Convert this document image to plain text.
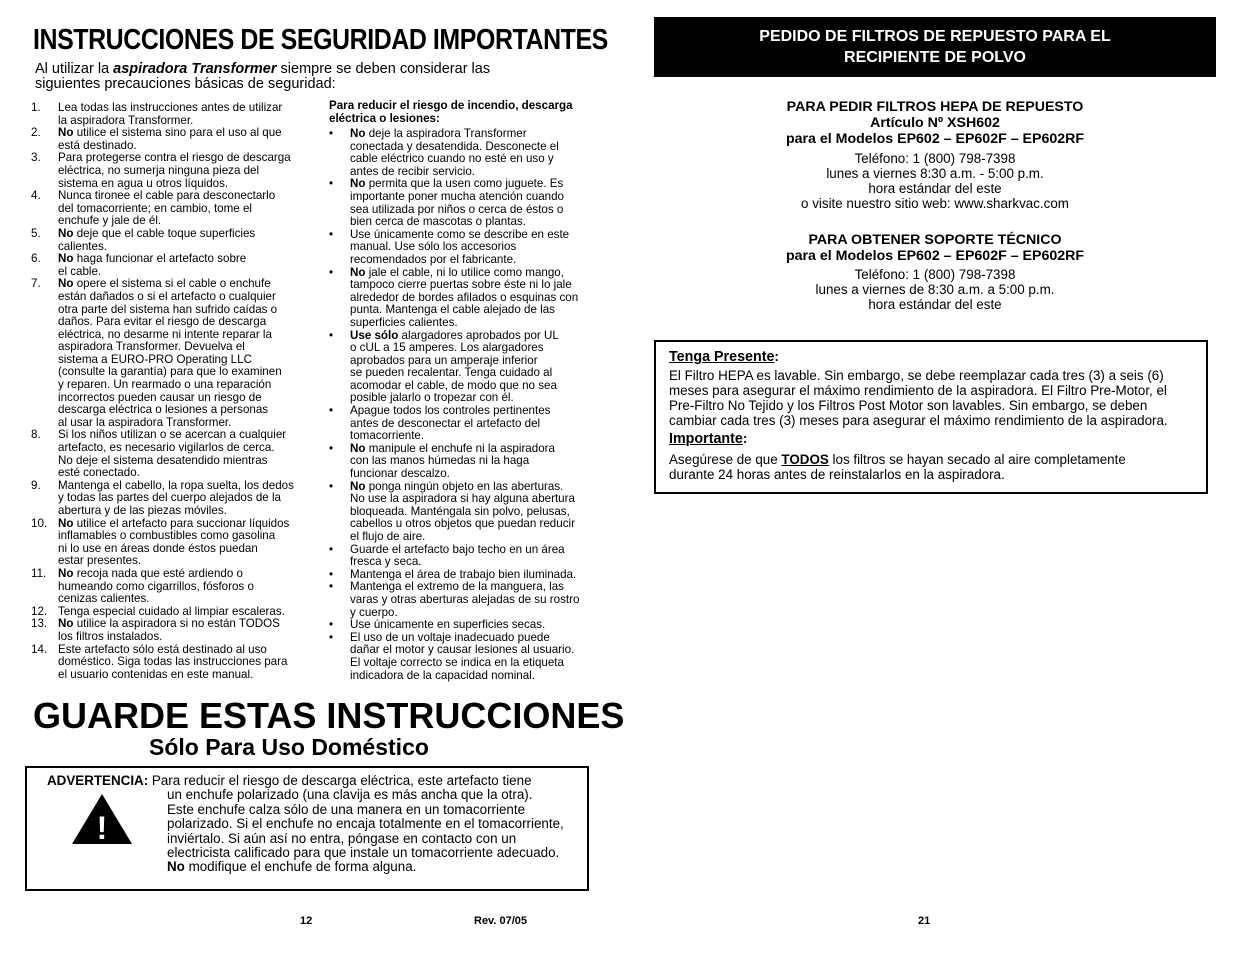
INSTRUCCIONES DE SEGURIDAD IMPORTANTES
Al utilizar la aspiradora Transformer siempre se deben considerar las siguientes precauciones básicas de seguridad:
1.	Lea todas las instrucciones antes de utilizar
la aspiradora Transformer.
2.	No utilice el sistema sino para el uso al que
está destinado.
3.	Para protegerse contra el riesgo de descarga
eléctrica, no sumerja ninguna pieza del
sistema en agua u otros líquidos.
4.	Nunca tironee el cable para desconectarlo
del tomacorriente; en cambio, tome el
enchufe y jale de él.
5.	No deje que el cable toque superficies
calientes.
6.	No haga funcionar el artefacto sobre
el cable.
7.	No opere el sistema si el cable o enchufe
están dañados o si el artefacto o cualquier
otra parte del sistema han sufrido caídas o
daños. Para evitar el riesgo de descarga
eléctrica, no desarme ni intente reparar la
aspiradora Transformer. Devuelva el
sistema a EURO-PRO Operating LLC
(consulte la garantía) para que lo examinen
y reparen. Un rearmado o una reparación
incorrectos pueden causar un riesgo de
descarga eléctrica o lesiones a personas
al usar la aspiradora Transformer.
8.	Si los niños utilizan o se acercan a cualquier
artefacto, es necesario vigilarlos de cerca.
No deje el sistema desatendido mientras
esté conectado.
9.	Mantenga el cabello, la ropa suelta, los dedos
y todas las partes del cuerpo alejados de la
abertura y de las piezas móviles.
10. No utilice el artefacto para succionar líquidos
inflamables o combustibles como gasolina
ni lo use en áreas donde éstos puedan
estar presentes.
11.	No recoja nada que esté ardiendo o
humeando como cigarrillos, fósforos o
cenizas calientes.
12. Tenga especial cuidado al limpiar escaleras.
13. No utilice la aspiradora si no están TODOS
los filtros instalados.
14. Este artefacto sólo está destinado al uso
doméstico. Siga todas las instrucciones para
el usuario contenidas en este manual.
Para reducir el riesgo de incendio, descarga eléctrica o lesiones:
•	No deje la aspiradora Transformer
conectada y desatendida. Desconecte el
cable eléctrico cuando no esté en uso y
antes de recibir servicio.
•	No permita que la usen como juguete. Es
importante poner mucha atención cuando
sea utilizada por niños o cerca de éstos o
bien cerca de mascotas o plantas.
•	Use únicamente como se describe en este
manual. Use sólo los accesorios
recomendados por el fabricante.
•	No jale el cable, ni lo utilice como mango,
tampoco cierre puertas sobre éste ni lo jale
alrededor de bordes afilados o esquinas con
punta. Mantenga el cable alejado de las
superficies calientes.
•	Use sólo alargadores aprobados por UL
o cUL a 15 amperes. Los alargadores
aprobados para un amperaje inferior
se pueden recalentar. Tenga cuidado al
acomodar el cable, de modo que no sea
posible jalarlo o tropezar con él.
•	Apague todos los controles pertinentes
antes de desconectar el artefacto del
tomacorriente.
•	No manipule el enchufe ni la aspiradora
con las manos húmedas ni la haga
funcionar descalzo.
•	No ponga ningún objeto en las aberturas.
No use la aspiradora si hay alguna abertura
bloqueada. Manténgala sin polvo, pelusas,
cabellos u otros objetos que puedan reducir
el flujo de aire.
•	Guarde el artefacto bajo techo en un área
fresca y seca.
•	Mantenga el área de trabajo bien iluminada.
•	Mantenga el extremo de la manguera, las
varas y otras aberturas alejadas de su rostro
y cuerpo.
•	Use únicamente en superficies secas.
•	El uso de un voltaje inadecuado puede
dañar el motor y causar lesiones al usuario.
El voltaje correcto se indica en la etiqueta
indicadora de la capacidad nominal.
GUARDE ESTAS INSTRUCCIONES
Sólo Para Uso Doméstico
!
ADVERTENCIA: Para reducir el riesgo de descarga eléctrica, este artefacto tiene
un enchufe polarizado (una clavija es más ancha que la otra).
Este enchufe calza sólo de una manera en un tomacorriente
polarizado. Si el enchufe no encaja totalmente en el tomacorriente,
inviértalo. Si aún así no entra, póngase en contacto con un
electricista calificado para que instale un tomacorriente adecuado.
No modifique el enchufe de forma alguna.
12	Rev. 07/05
PEDIDO DE FILTROS DE REPUESTO PARA EL
RECIPIENTE DE POLVO
PARA PEDIR FILTROS HEPA DE REPUESTO
Artículo Nº XSH602
para el Modelos EP602 – EP602F – EP602RF
Teléfono: 1 (800) 798-7398
lunes a viernes 8:30 a.m. - 5:00 p.m.
hora estándar del este
o visite nuestro sitio web: www.sharkvac.com
PARA OBTENER SOPORTE TÉCNICO
para el Modelos EP602 – EP602F – EP602RF
Teléfono: 1 (800) 798-7398
lunes a viernes de 8:30 a.m. a 5:00 p.m.
hora estándar del este
Tenga Presente:
El Filtro HEPA es lavable. Sin embargo, se debe reemplazar cada tres (3) a seis (6)
meses para asegurar el máximo rendimiento de la aspiradora. El Filtro Pre-Motor, el
Pre-Filtro No Tejido y los Filtros Post Motor son lavables. Sin embargo, se deben
cambiar cada tres (3) meses para asegurar el máximo rendimiento de la aspiradora.
Importante:
Asegúrese de que TODOS los filtros se hayan secado al aire completamente
durante 24 horas antes de reinstalarlos en la aspiradora.
21
